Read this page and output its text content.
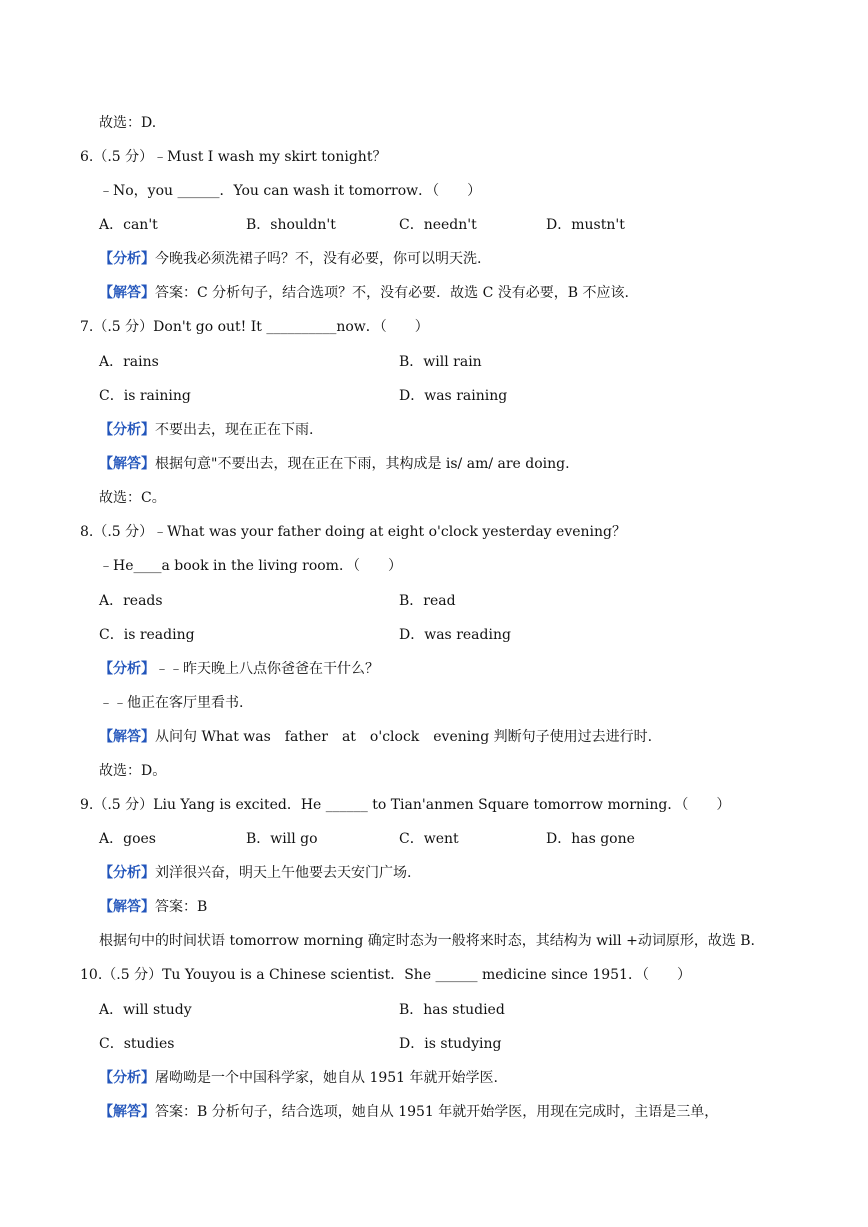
故选：D.
6.（.5 分）﹣Must I wash my skirt tonight？
﹣No，you ______．You can wash it tomorrow．（　　）
A．can't	B．shouldn't	C．needn't	D．mustn't
【分析】今晚我必须洗裙子吗？不，没有必要，你可以明天洗.
【解答】答案：C 分析句子，结合选项？不，没有必要．故选 C 没有必要，B 不应该.
7.（.5 分）Don't go out! It __________now．（　　）
A．rains	B．will rain
C．is raining	D．was raining
【分析】不要出去，现在正在下雨.
【解答】根据句意"不要出去，现在正在下雨，其构成是 is/ am/ are doing.
故选：C。
8.（.5 分）﹣What was your father doing at eight o'clock yesterday evening？
﹣He____a book in the living room．（　　）
A．reads	B．read
C．is reading	D．was reading
【分析】﹣﹣昨天晚上八点你爸爸在干什么？
﹣﹣他正在客厅里看书.
【解答】从问句 What was　father　at　o'clock　evening 判断句子使用过去进行时.
故选：D。
9.（.5 分）Liu Yang is excited．He ______ to Tian'anmen Square tomorrow morning．（　　）
A．goes	B．will go	C．went	D．has gone
【分析】刘洋很兴奋，明天上午他要去天安门广场.
【解答】答案：B
根据句中的时间状语 tomorrow morning 确定时态为一般将来时态，其结构为 will +动词原形，故选 B.
10.（.5 分）Tu Youyou is a Chinese scientist．She ______ medicine since 1951．（　　）
A．will study	B．has studied
C．studies	D．is studying
【分析】屠呦呦是一个中国科学家，她自从 1951 年就开始学医.
【解答】答案：B 分析句子，结合选项，她自从 1951 年就开始学医，用现在完成时，主语是三单，
